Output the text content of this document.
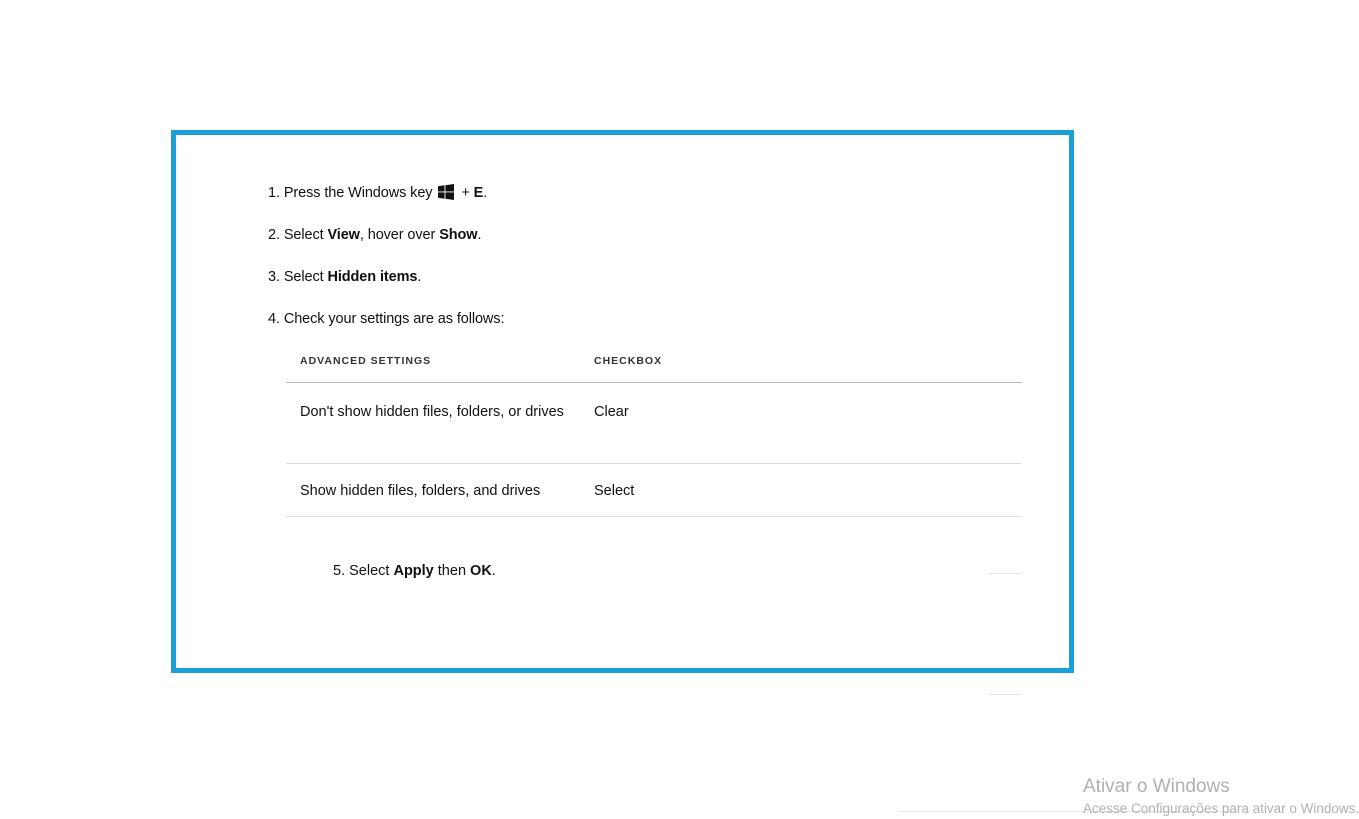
1. Press the Windows key + E.
2. Select View, hover over Show.
3. Select Hidden items.
4. Check your settings are as follows:
ADVANCED SETTINGS	CHECKBOX
Don't show hidden files, folders, or drives	Clear
Show hidden files, folders, and drives	Select
5. Select Apply then OK.
Ativar o Windows
Acesse Configurações para ativar o Windows.
